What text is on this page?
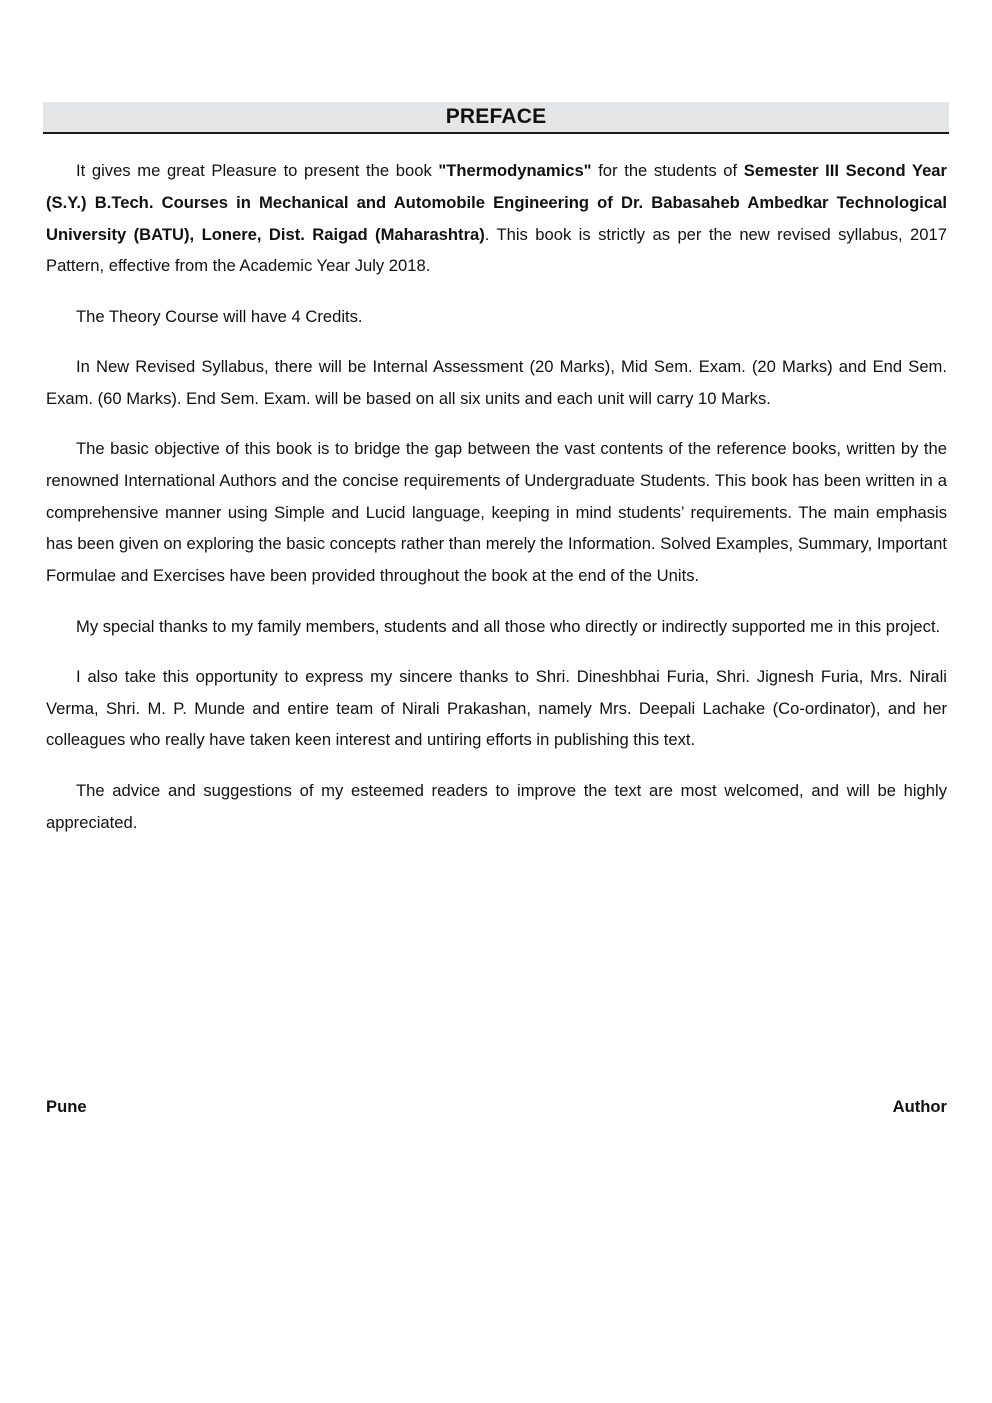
PREFACE

It gives me great Pleasure to present the book "Thermodynamics" for the students of Semester III Second Year (S.Y.) B.Tech. Courses in Mechanical and Automobile Engineering of Dr. Babasaheb Ambedkar Technological University (BATU), Lonere, Dist. Raigad (Maharashtra). This book is strictly as per the new revised syllabus, 2017 Pattern, effective from the Academic Year July 2018.

The Theory Course will have 4 Credits.

In New Revised Syllabus, there will be Internal Assessment (20 Marks), Mid Sem. Exam. (20 Marks) and End Sem. Exam. (60 Marks). End Sem. Exam. will be based on all six units and each unit will carry 10 Marks.

The basic objective of this book is to bridge the gap between the vast contents of the reference books, written by the renowned International Authors and the concise requirements of Undergraduate Students. This book has been written in a comprehensive manner using Simple and Lucid language, keeping in mind students’ requirements. The main emphasis has been given on exploring the basic concepts rather than merely the Information. Solved Examples, Summary, Important Formulae and Exercises have been provided throughout the book at the end of the Units.

My special thanks to my family members, students and all those who directly or indirectly supported me in this project.

I also take this opportunity to express my sincere thanks to Shri. Dineshbhai Furia, Shri. Jignesh Furia, Mrs. Nirali Verma, Shri. M. P. Munde and entire team of Nirali Prakashan, namely Mrs. Deepali Lachake (Co-ordinator), and her colleagues who really have taken keen interest and untiring efforts in publishing this text.

The advice and suggestions of my esteemed readers to improve the text are most welcomed, and will be highly appreciated.

Pune	Author
